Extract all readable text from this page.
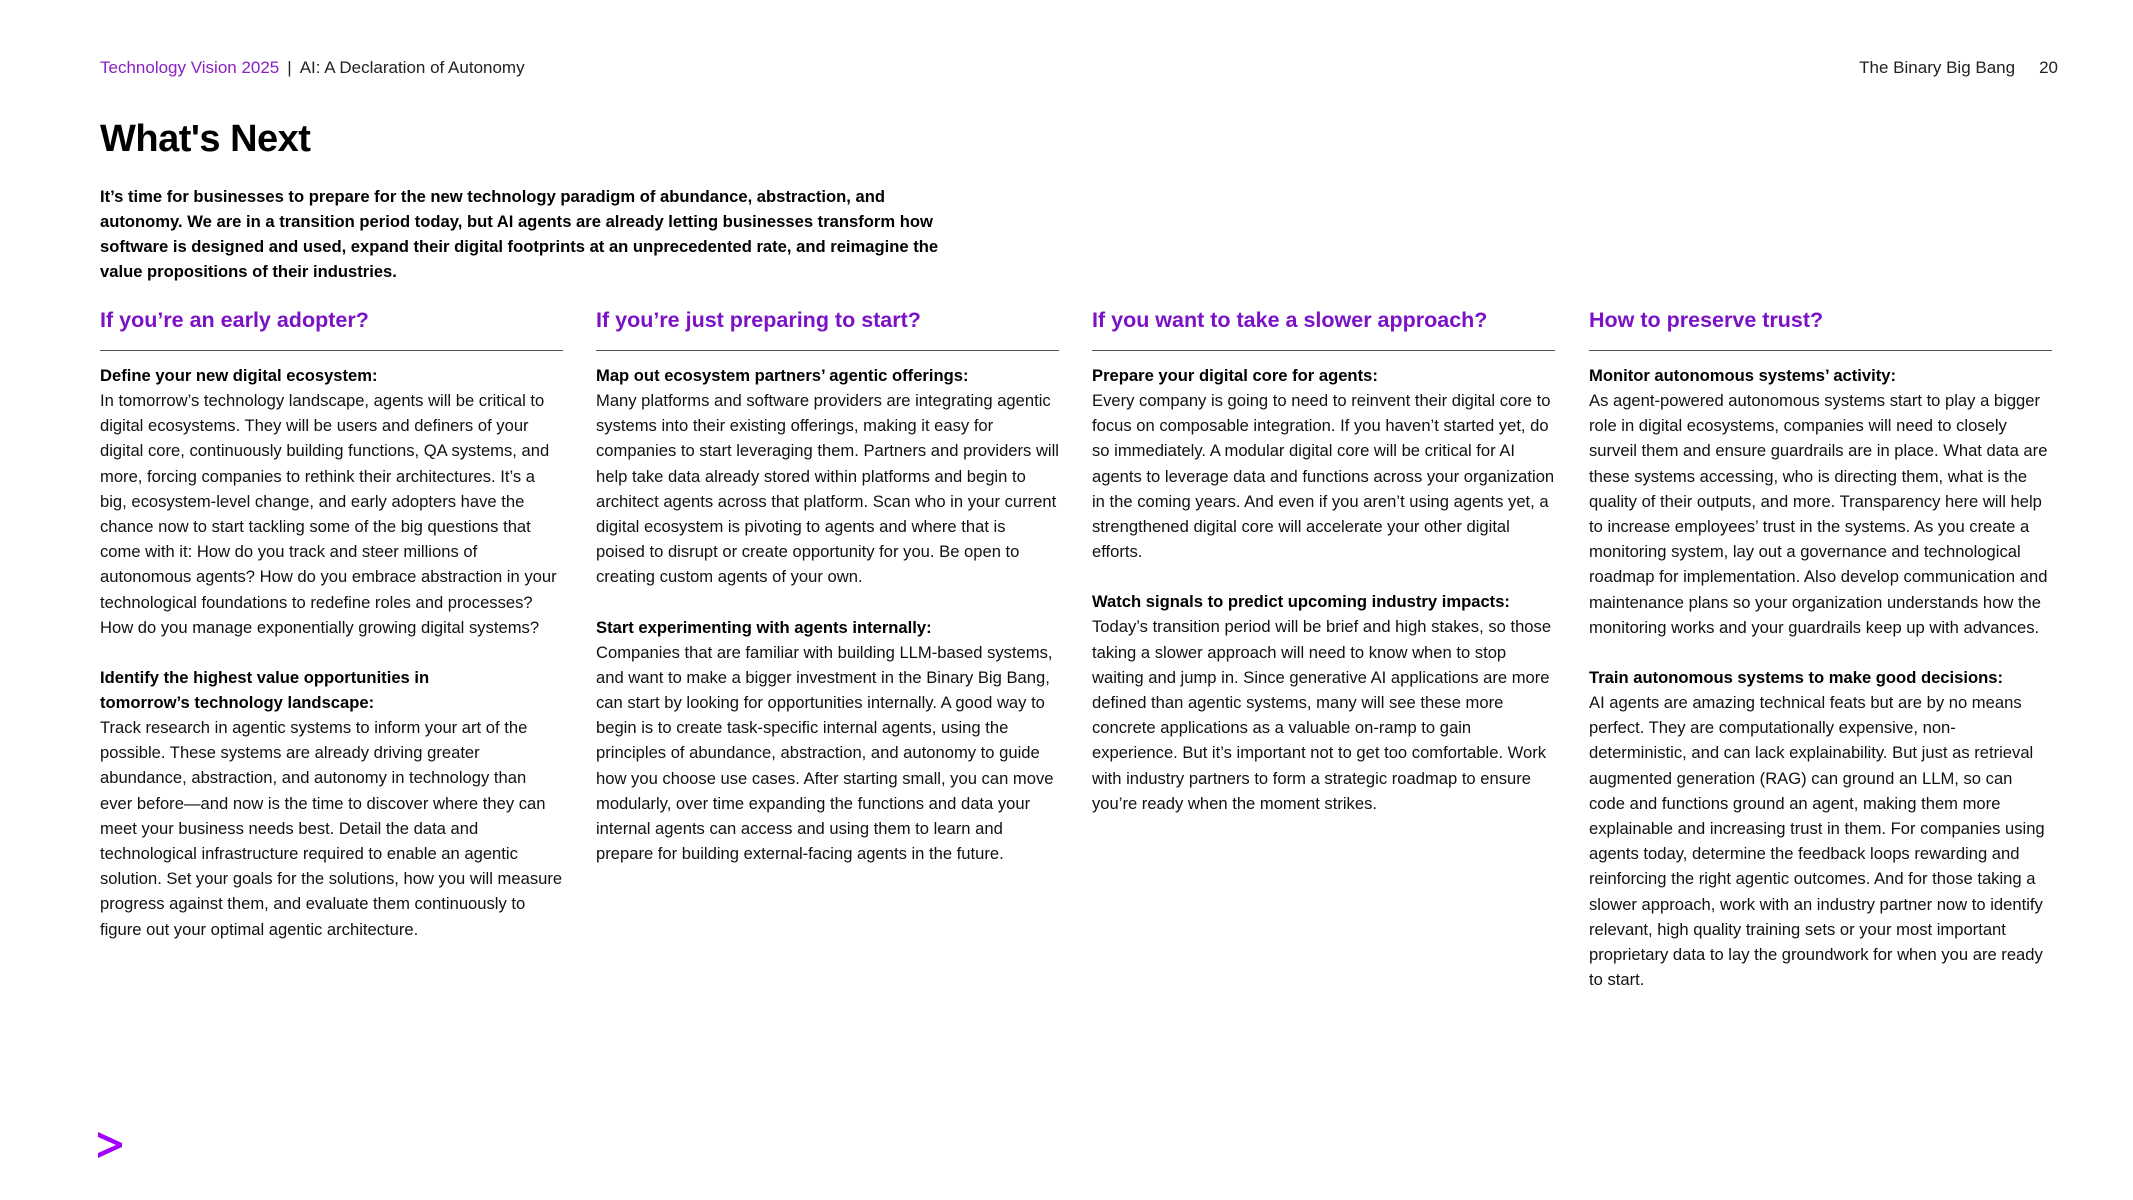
Technology Vision 2025 | AI: A Declaration of Autonomy	The Binary Big Bang 20
What's Next

It’s time for businesses to prepare for the new technology paradigm of abundance, abstraction, and autonomy. We are in a transition period today, but AI agents are already letting businesses transform how software is designed and used, expand their digital footprints at an unprecedented rate, and reimagine the value propositions of their industries.

If you’re an early adopter?
Define your new digital ecosystem:

In tomorrow’s technology landscape, agents will be critical to digital ecosystems. They will be users and definers of your digital core, continuously building functions, QA systems, and more, forcing companies to rethink their architectures. It’s a big, ecosystem-level change, and early adopters have the chance now to start tackling some of the big questions that come with it: How do you track and steer millions of autonomous agents? How do you embrace abstraction in your technological foundations to redefine roles and processes? How do you manage exponentially growing digital systems?

Identify the highest value opportunities in tomorrow’s technology landscape:

Track research in agentic systems to inform your art of the possible. These systems are already driving greater abundance, abstraction, and autonomy in technology than ever before—and now is the time to discover where they can meet your business needs best. Detail the data and technological infrastructure required to enable an agentic solution. Set your goals for the solutions, how you will measure progress against them, and evaluate them continuously to figure out your optimal agentic architecture.

If you’re just preparing to start?
Map out ecosystem partners’ agentic offerings:

Many platforms and software providers are integrating agentic systems into their existing offerings, making it easy for companies to start leveraging them. Partners and providers will help take data already stored within platforms and begin to architect agents across that platform. Scan who in your current digital ecosystem is pivoting to agents and where that is poised to disrupt or create opportunity for you. Be open to creating custom agents of your own.

Start experimenting with agents internally:

Companies that are familiar with building LLM-based systems, and want to make a bigger investment in the Binary Big Bang, can start by looking for opportunities internally. A good way to begin is to create task-specific internal agents, using the principles of abundance, abstraction, and autonomy to guide how you choose use cases. After starting small, you can move modularly, over time expanding the functions and data your internal agents can access and using them to learn and prepare for building external-facing agents in the future.

If you want to take a slower approach?
Prepare your digital core for agents:

Every company is going to need to reinvent their digital core to focus on composable integration. If you haven’t started yet, do so immediately. A modular digital core will be critical for AI agents to leverage data and functions across your organization in the coming years. And even if you aren’t using agents yet, a strengthened digital core will accelerate your other digital efforts.

Watch signals to predict upcoming industry impacts:

Today’s transition period will be brief and high stakes, so those taking a slower approach will need to know when to stop waiting and jump in. Since generative AI applications are more defined than agentic systems, many will see these more concrete applications as a valuable on-ramp to gain experience. But it’s important not to get too comfortable. Work with industry partners to form a strategic roadmap to ensure you’re ready when the moment strikes.

How to preserve trust?
Monitor autonomous systems’ activity:

As agent-powered autonomous systems start to play a bigger role in digital ecosystems, companies will need to closely surveil them and ensure guardrails are in place. What data are these systems accessing, who is directing them, what is the quality of their outputs, and more. Transparency here will help to increase employees’ trust in the systems. As you create a monitoring system, lay out a governance and technological roadmap for implementation. Also develop communication and maintenance plans so your organization understands how the monitoring works and your guardrails keep up with advances.

Train autonomous systems to make good decisions:

AI agents are amazing technical feats but are by no means perfect. They are computationally expensive, non-deterministic, and can lack explainability. But just as retrieval augmented generation (RAG) can ground an LLM, so can code and functions ground an agent, making them more explainable and increasing trust in them. For companies using agents today, determine the feedback loops rewarding and reinforcing the right agentic outcomes. And for those taking a slower approach, work with an industry partner now to identify relevant, high quality training sets or your most important proprietary data to lay the groundwork for when you are ready to start.
